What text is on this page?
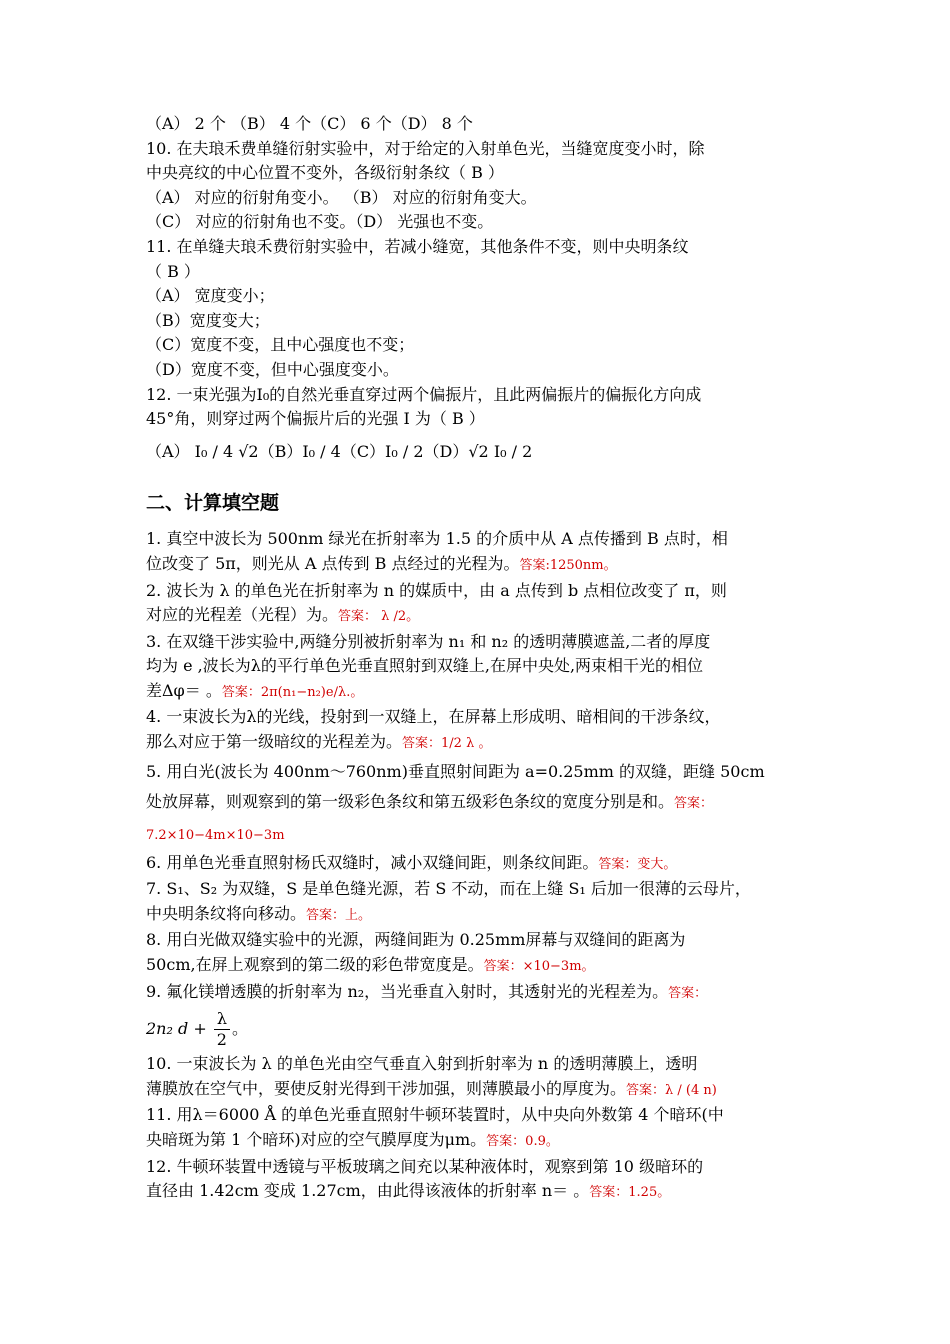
（A） 2 个 （B） 4 个（C） 6 个（D） 8 个
10. 在夫琅禾费单缝衍射实验中，对于给定的入射单色光，当缝宽度变小时，除
中央亮纹的中心位置不变外，各级衍射条纹（ B ）
（A） 对应的衍射角变小。 （B） 对应的衍射角变大。
（C） 对应的衍射角也不变。（D） 光强也不变。
11. 在单缝夫琅禾费衍射实验中，若减小缝宽，其他条件不变，则中央明条纹
（ B ）
（A） 宽度变小；
（B）宽度变大；
（C）宽度不变，且中心强度也不变；
（D）宽度不变，但中心强度变小。
12. 一束光强为I₀的自然光垂直穿过两个偏振片，且此两偏振片的偏振化方向成
45°角，则穿过两个偏振片后的光强 I 为（ B ）
（A） I₀ / 4 √2（B）I₀ / 4（C）I₀ / 2（D）√2 I₀ / 2
二、计算填空题
1. 真空中波长为 500nm 绿光在折射率为 1.5 的介质中从 A 点传播到 B 点时，相
位改变了 5π，则光从 A 点传到 B 点经过的光程为。答案:1250nm。
2. 波长为 λ 的单色光在折射率为 n 的媒质中，由 a 点传到 b 点相位改变了 π，则
对应的光程差（光程）为。答案： λ /2。
3. 在双缝干涉实验中,两缝分别被折射率为 n₁ 和 n₂ 的透明薄膜遮盖,二者的厚度
均为 e ,波长为λ的平行单色光垂直照射到双缝上,在屏中央处,两束相干光的相位
差Δφ＝ 。答案：2π(n₁−n₂)e/λ.。
4. 一束波长为λ的光线，投射到一双缝上，在屏幕上形成明、暗相间的干涉条纹，
那么对应于第一级暗纹的光程差为。答案：1/2 λ 。
5. 用白光(波长为 400nm～760nm)垂直照射间距为 a=0.25mm 的双缝，距缝 50cm
处放屏幕，则观察到的第一级彩色条纹和第五级彩色条纹的宽度分别是和。答案：
7.2×10−4m×10−3m
6. 用单色光垂直照射杨氏双缝时，减小双缝间距，则条纹间距。答案：变大。
7. S₁、S₂ 为双缝，S 是单色缝光源，若 S 不动，而在上缝 S₁ 后加一很薄的云母片，
中央明条纹将向移动。答案：上。
8. 用白光做双缝实验中的光源，两缝间距为 0.25mm屏幕与双缝间的距离为
50cm,在屏上观察到的第二级的彩色带宽度是。答案：×10−3m。
9. 氟化镁增透膜的折射率为 n₂，当光垂直入射时，其透射光的光程差为。答案：
2n₂ $d + \frac{\lambda}{2}$ 。
10. 一束波长为 λ 的单色光由空气垂直入射到折射率为 n 的透明薄膜上，透明
薄膜放在空气中，要使反射光得到干涉加强，则薄膜最小的厚度为。答案：λ / (4 n)
11. 用λ＝6000 Å 的单色光垂直照射牛顿环装置时，从中央向外数第 4 个暗环(中
央暗斑为第 1 个暗环)对应的空气膜厚度为μm。答案：0.9。
12. 牛顿环装置中透镜与平板玻璃之间充以某种液体时，观察到第 10 级暗环的
直径由 1.42cm 变成 1.27cm，由此得该液体的折射率 n＝ 。答案：1.25。
